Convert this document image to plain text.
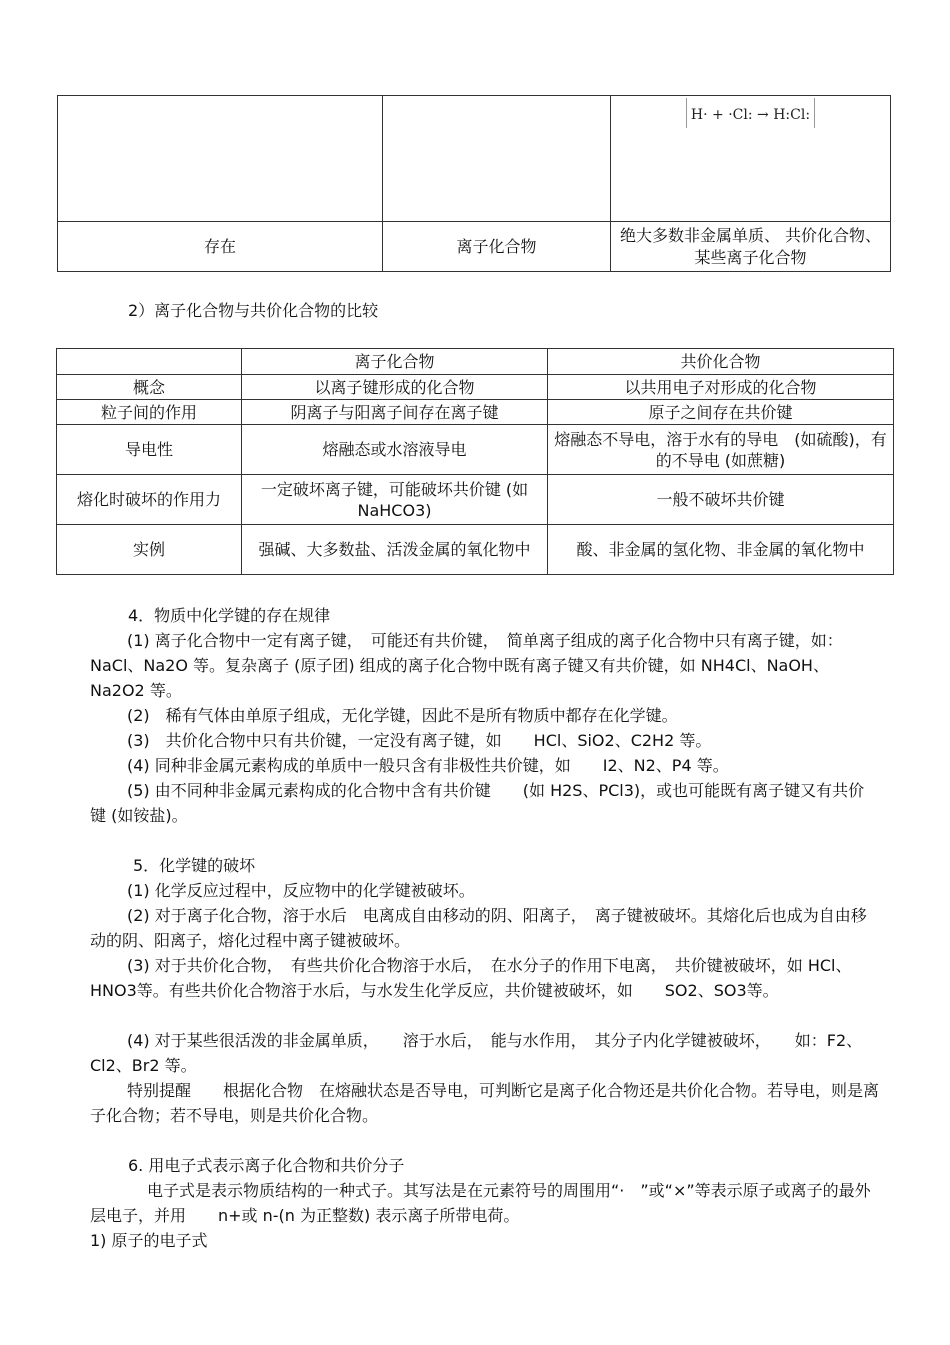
		H· + ·Cl: → H:Cl:
存在	离子化合物	绝大多数非金属单质、 共价化合物、某些离子化合物
2）离子化合物与共价化合物的比较
	离子化合物	共价化合物
概念	以离子键形成的化合物	以共用电子对形成的化合物
粒子间的作用	阴离子与阳离子间存在离子键	原子之间存在共价键
导电性	熔融态或水溶液导电	熔融态不导电，溶于水有的导电　(如硫酸)，有的不导电 (如蔗糖)
熔化时破坏的作用力	一定破坏离子键，可能破坏共价键 (如 NaHCO3)	一般不破坏共价键
实例	强碱、大多数盐、活泼金属的氧化物中	酸、非金属的氢化物、非金属的氧化物中
4．物质中化学键的存在规律
(1) 离子化合物中一定有离子键，　可能还有共价键，　简单离子组成的离子化合物中只有离子键，如：　NaCl、Na2O 等。复杂离子 (原子团) 组成的离子化合物中既有离子键又有共价键，如 NH4Cl、NaOH、Na2O2 等。
(2)　稀有气体由单原子组成，无化学键，因此不是所有物质中都存在化学键。
(3)　共价化合物中只有共价键，一定没有离子键，如　　HCl、SiO2、C2H2 等。
(4) 同种非金属元素构成的单质中一般只含有非极性共价键，如　　I2、N2、P4 等。
(5) 由不同种非金属元素构成的化合物中含有共价键　　(如 H2S、PCl3)，或也可能既有离子键又有共价键 (如铵盐)。
5．化学键的破坏
(1) 化学反应过程中，反应物中的化学键被破坏。
(2) 对于离子化合物，溶于水后　电离成自由移动的阴、阳离子，　离子键被破坏。其熔化后也成为自由移动的阴、阳离子，熔化过程中离子键被破坏。
(3) 对于共价化合物，　有些共价化合物溶于水后，　在水分子的作用下电离，　共价键被破坏，如 HCl、HNO3等。有些共价化合物溶于水后，与水发生化学反应，共价键被破坏，如　　SO2、SO3等。
(4) 对于某些很活泼的非金属单质，　　溶于水后，　能与水作用，　其分子内化学键被破坏，　　如：F2、Cl2、Br2 等。
特别提醒　　根据化合物　在熔融状态是否导电，可判断它是离子化合物还是共价化合物。若导电，则是离子化合物；若不导电，则是共价化合物。
6. 用电子式表示离子化合物和共价分子
电子式是表示物质结构的一种式子。其写法是在元素符号的周围用“·　”或“×”等表示原子或离子的最外层电子，并用　　n+或 n-(n 为正整数) 表示离子所带电荷。
1) 原子的电子式
